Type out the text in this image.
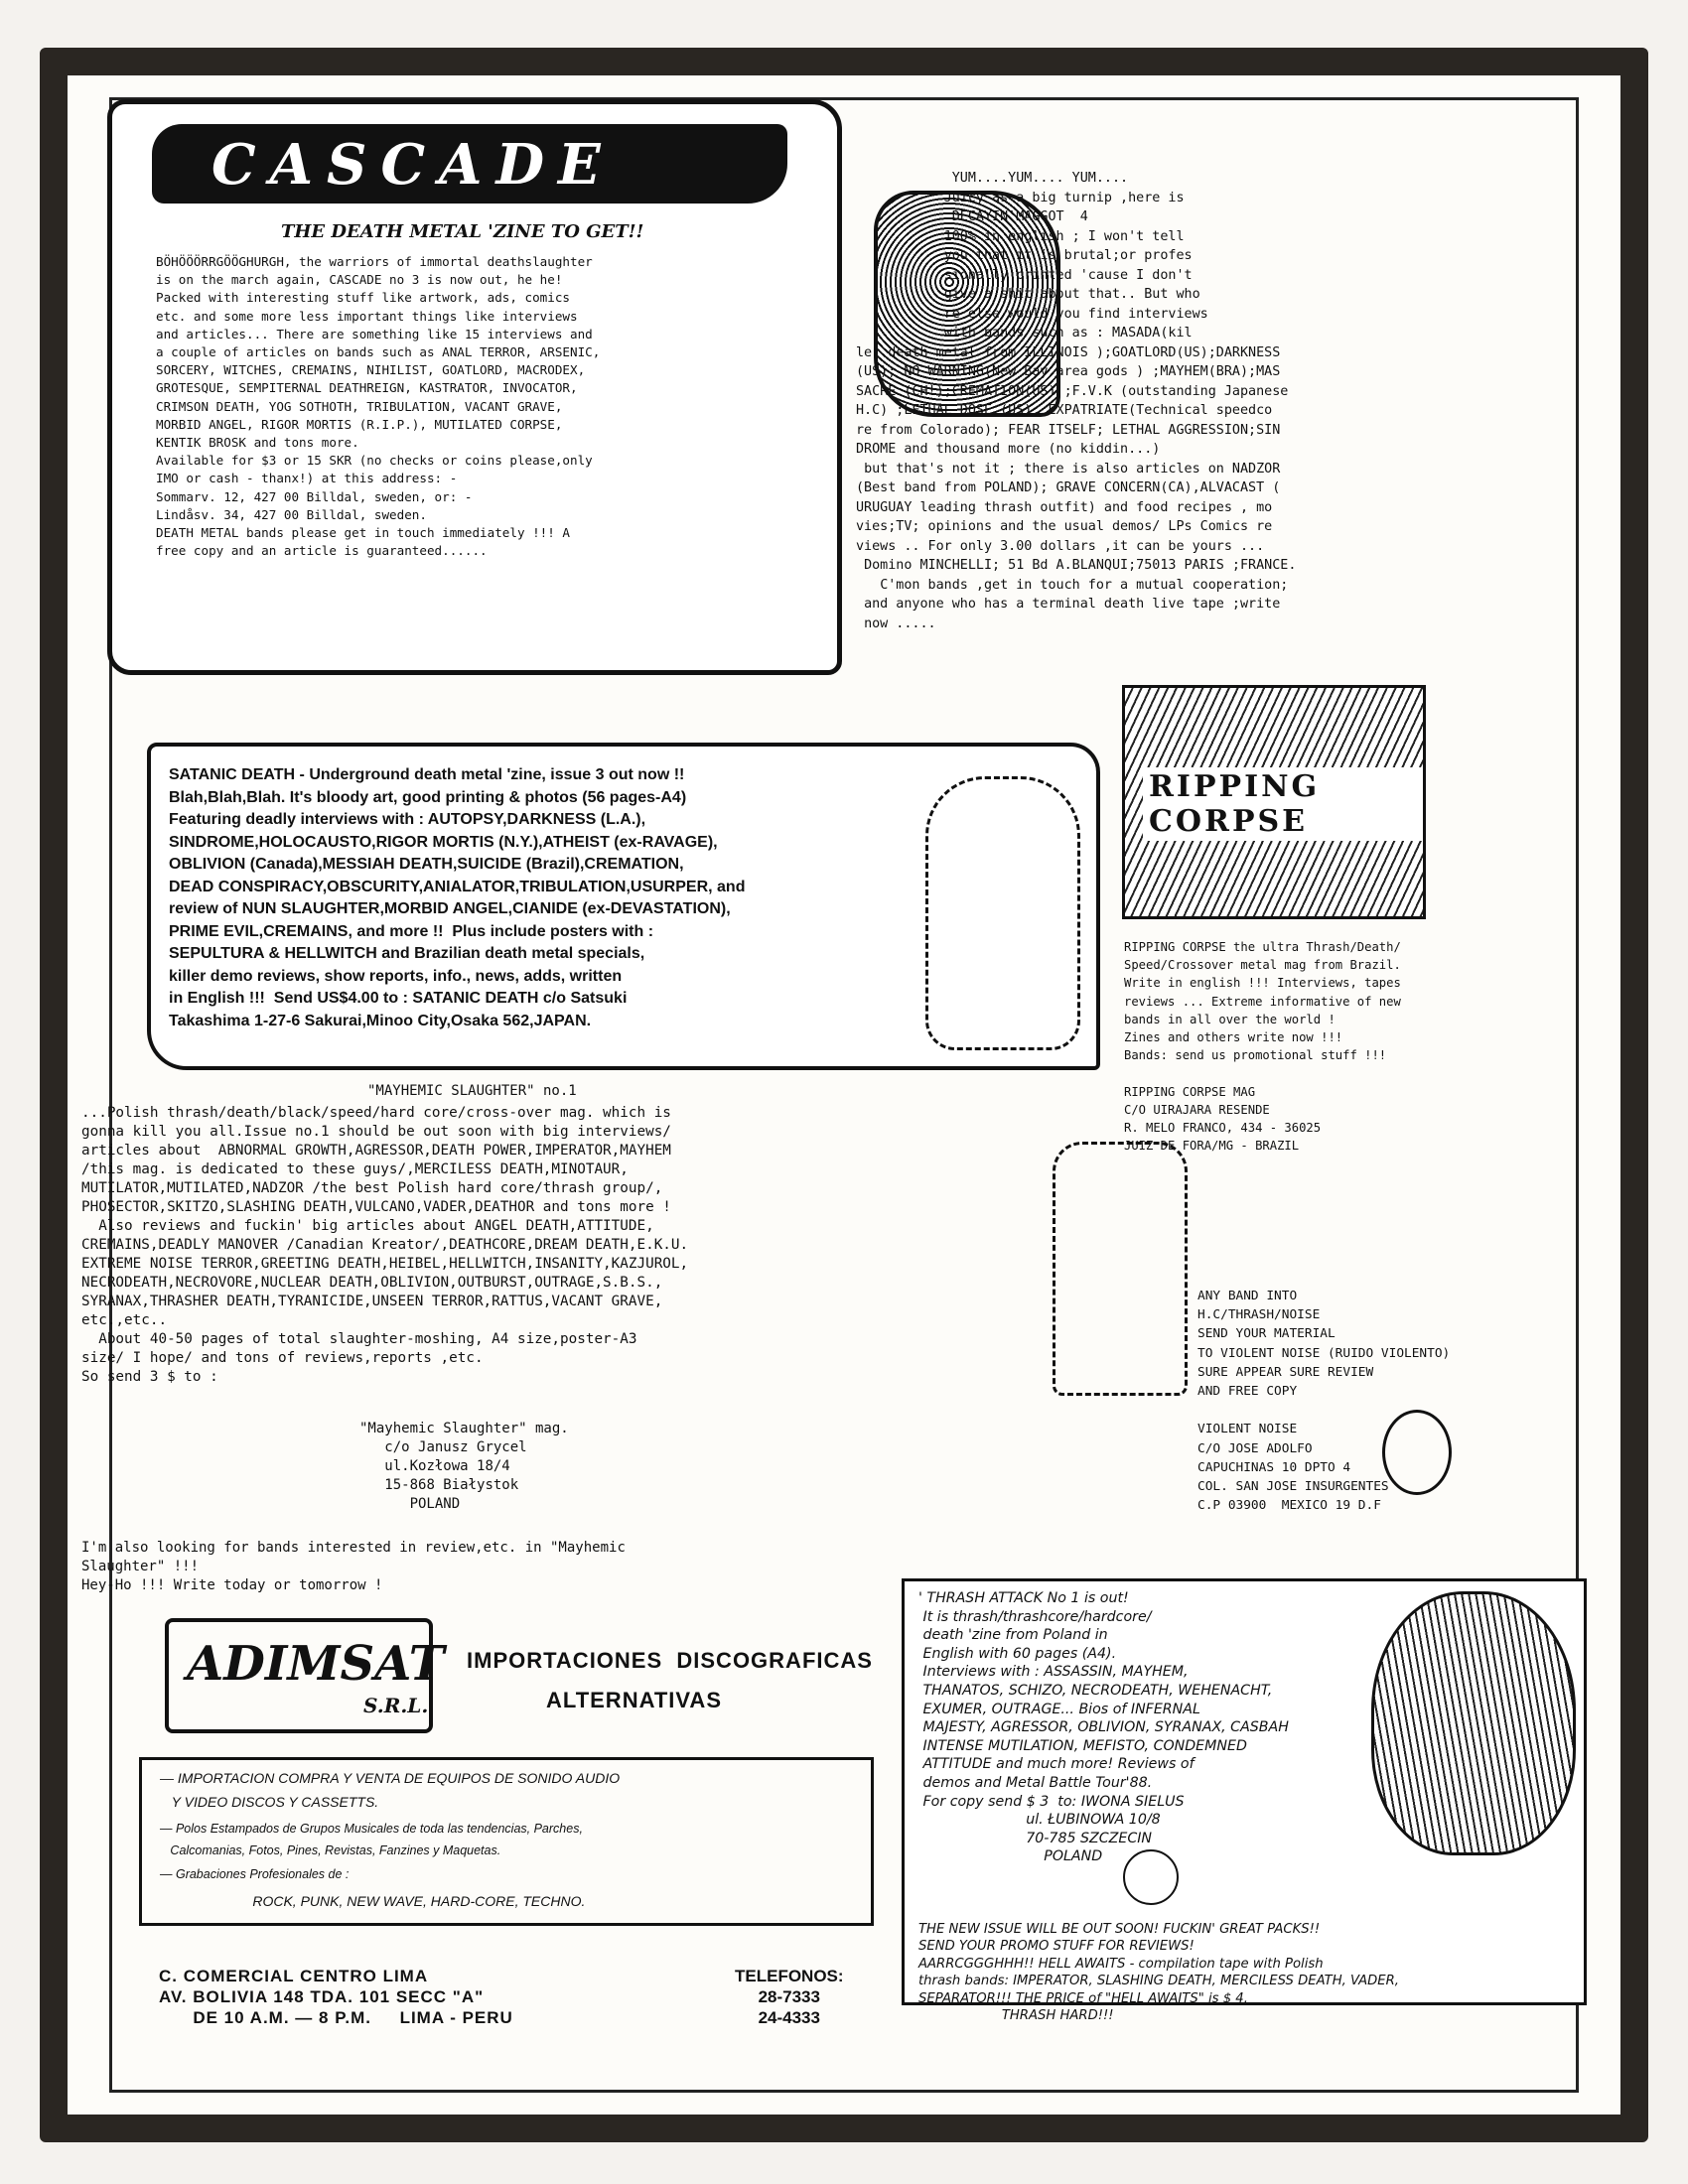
CASCADE

THE DEATH METAL 'ZINE TO GET!!

BÖHÖÖÖRRGÖÖGHURGH, the warriors of immortal deathslaughter
is on the march again, CASCADE no 3 is now out, he he!
Packed with interesting stuff like artwork, ads, comics
etc. and some more less important things like interviews
and articles... There are something like 15 interviews and
a couple of articles on bands such as ANAL TERROR, ARSENIC,
SORCERY, WITCHES, CREMAINS, NIHILIST, GOATLORD, MACRODEX,
GROTESQUE, SEMPITERNAL DEATHREIGN, KASTRATOR, INVOCATOR,
CRIMSON DEATH, YOG SOTHOTH, TRIBULATION, VACANT GRAVE,
MORBID ANGEL, RIGOR MORTIS (R.I.P.), MUTILATED CORPSE,
KENTIK BROSK and tons more.
Available for $3 or 15 SKR (no checks or coins please,only
IMO or cash - thanx!) at this address: -
Sommarv. 12, 427 00 Billdal, sweden, or: -
Lindåsv. 34, 427 00 Billdal, sweden.
DEATH METAL bands please get in touch immediately !!! A
free copy and an article is guaranteed......

YUM....YUM.... YUM....
Juicy as a big turnip ,here is
DECAYIN'MAGGOT  4
100% in english ; I won't tell
you that it is brutal;or profes
sionally printed 'cause I don't
give a shit about that.. But who
re else would you find interviews
with bands such as : MASADA(kil
ler death metal from ILLINOIS );GOATLORD(US);DARKNESS
(US); NO WARNING(New Bay area gods ) ;MAYHEM(BRA);MAS
SACRE (CH!);CREMATION(US) ;F.V.K (outstanding Japanese
H.C) ;LETHAL DOSE (US); EXPATRIATE(Technical speedco
re from Colorado); FEAR ITSELF; LETHAL AGGRESSION;SIN
DROME and thousand more (no kiddin...)
but that's not it ; there is also articles on NADZOR
(Best band from POLAND); GRAVE CONCERN(CA),ALVACAST (
URUGUAY leading thrash outfit) and food recipes , mo
vies;TV; opinions and the usual demos/ LPs Comics re
views .. For only 3.00 dollars ,it can be yours ...
Domino MINCHELLI; 51 Bd A.BLANQUI;75013 PARIS ;FRANCE.
C'mon bands ,get in touch for a mutual cooperation;
and anyone who has a terminal death live tape ;write
now .....

SATANIC DEATH - Underground death metal 'zine, issue 3 out now !!
Blah,Blah,Blah. It's bloody art, good printing & photos (56 pages-A4)
Featuring deadly interviews with : AUTOPSY,DARKNESS (L.A.),
SINDROME,HOLOCAUSTO,RIGOR MORTIS (N.Y.),ATHEIST (ex-RAVAGE),
OBLIVION (Canada),MESSIAH DEATH,SUICIDE (Brazil),CREMATION,
DEAD CONSPIRACY,OBSCURITY,ANIALATOR,TRIBULATION,USURPER, and
review of NUN SLAUGHTER,MORBID ANGEL,CIANIDE (ex-DEVASTATION),
PRIME EVIL,CREMAINS, and more !!  Plus include posters with :
SEPULTURA & HELLWITCH and Brazilian death metal specials,
killer demo reviews, show reports, info., news, adds, written
in English !!!  Send US$4.00 to : SATANIC DEATH c/o Satsuki
Takashima 1-27-6 Sakurai,Minoo City,Osaka 562,JAPAN.

RIPPING CORPSE

RIPPING CORPSE the ultra Thrash/Death/
Speed/Crossover metal mag from Brazil.
Write in english !!! Interviews, tapes
reviews ... Extreme informative of new
bands in all over the world !
Zines and others write now !!!
Bands: send us promotional stuff !!!

RIPPING CORPSE MAG
C/O UIRAJARA RESENDE
R. MELO FRANCO, 434 - 36025
JUIZ DE FORA/MG - BRAZIL
"MAYHEMIC SLAUGHTER" no.1
...Polish thrash/death/black/speed/hard core/cross-over mag. which is
gonna kill you all.Issue no.1 should be out soon with big interviews/
articles about  ABNORMAL GROWTH,AGRESSOR,DEATH POWER,IMPERATOR,MAYHEM
/this mag. is dedicated to these guys/,MERCILESS DEATH,MINOTAUR,
MUTILATOR,MUTILATED,NADZOR /the best Polish hard core/thrash group/,
PHOSECTOR,SKITZO,SLASHING DEATH,VULCANO,VADER,DEATHOR and tons more !
Also reviews and fuckin' big articles about ANGEL DEATH,ATTITUDE,
CREMAINS,DEADLY MANOVER /Canadian Kreator/,DEATHCORE,DREAM DEATH,E.K.U.
EXTREME NOISE TERROR,GREETING DEATH,HEIBEL,HELLWITCH,INSANITY,KAZJUROL,
NECRODEATH,NECROVORE,NUCLEAR DEATH,OBLIVION,OUTBURST,OUTRAGE,S.B.S.,
SYRANAX,THRASHER DEATH,TYRANICIDE,UNSEEN TERROR,RATTUS,VACANT GRAVE,
etc.,etc..
About 40-50 pages of total slaughter-moshing, A4 size,poster-A3
size/ I hope/ and tons of reviews,reports ,etc.
So send 3 $ to :
"Mayhemic Slaughter" mag.
c/o Janusz Grycel
ul.Kozłowa 18/4
15-868 Białystok
POLAND
I'm also looking for bands interested in review,etc. in "Mayhemic
Slaughter" !!!
Hey-Ho !!! Write today or tomorrow !
ANY BAND INTO
H.C/THRASH/NOISE
SEND YOUR MATERIAL
TO VIOLENT NOISE (RUIDO VIOLENTO)
SURE APPEAR SURE REVIEW
AND FREE COPY

VIOLENT NOISE
C/O JOSE ADOLFO
CAPUCHINAS 10 DPTO 4
COL. SAN JOSE INSURGENTES
C.P 03900  MEXICO 19 D.F

ADIMSAT

S.R.L.

IMPORTACIONES  DISCOGRAFICAS
ALTERNATIVAS

— IMPORTACION COMPRA Y VENTA DE EQUIPOS DE SONIDO AUDIO

Y VIDEO DISCOS Y CASSETTS.

— Polos Estampados de Grupos Musicales de toda las tendencias, Parches,

Calcomanias, Fotos, Pines, Revistas, Fanzines y Maquetas.

— Grabaciones Profesionales de :

ROCK, PUNK, NEW WAVE, HARD-CORE, TECHNO.

C. COMERCIAL CENTRO LIMA
AV. BOLIVIA 148 TDA. 101 SECC "A"
DE 10 A.M. — 8 P.M.     LIMA - PERU
TELEFONOS:
28-7333
24-4333

' THRASH ATTACK No 1 is out!
It is thrash/thrashcore/hardcore/
death 'zine from Poland in
English with 60 pages (A4).
Interviews with : ASSASSIN, MAYHEM,
THANATOS, SCHIZO, NECRODEATH, WEHENACHT,
EXUMER, OUTRAGE... Bios of INFERNAL
MAJESTY, AGRESSOR, OBLIVION, SYRANAX, CASBAH
INTENSE MUTILATION, MEFISTO, CONDEMNED
ATTITUDE and much more! Reviews of
demos and Metal Battle Tour'88.
For copy send $ 3  to: IWONA SIELUS
ul. ŁUBINOWA 10/8
70-785 SZCZECIN
POLAND

THE NEW ISSUE WILL BE OUT SOON! FUCKIN' GREAT PACKS!!
SEND YOUR PROMO STUFF FOR REVIEWS!
AARRCGGGHHH!! HELL AWAITS - compilation tape with Polish
thrash bands: IMPERATOR, SLASHING DEATH, MERCILESS DEATH, VADER,
SEPARATOR!!! THE PRICE of "HELL AWAITS" is $ 4.
THRASH HARD!!!
